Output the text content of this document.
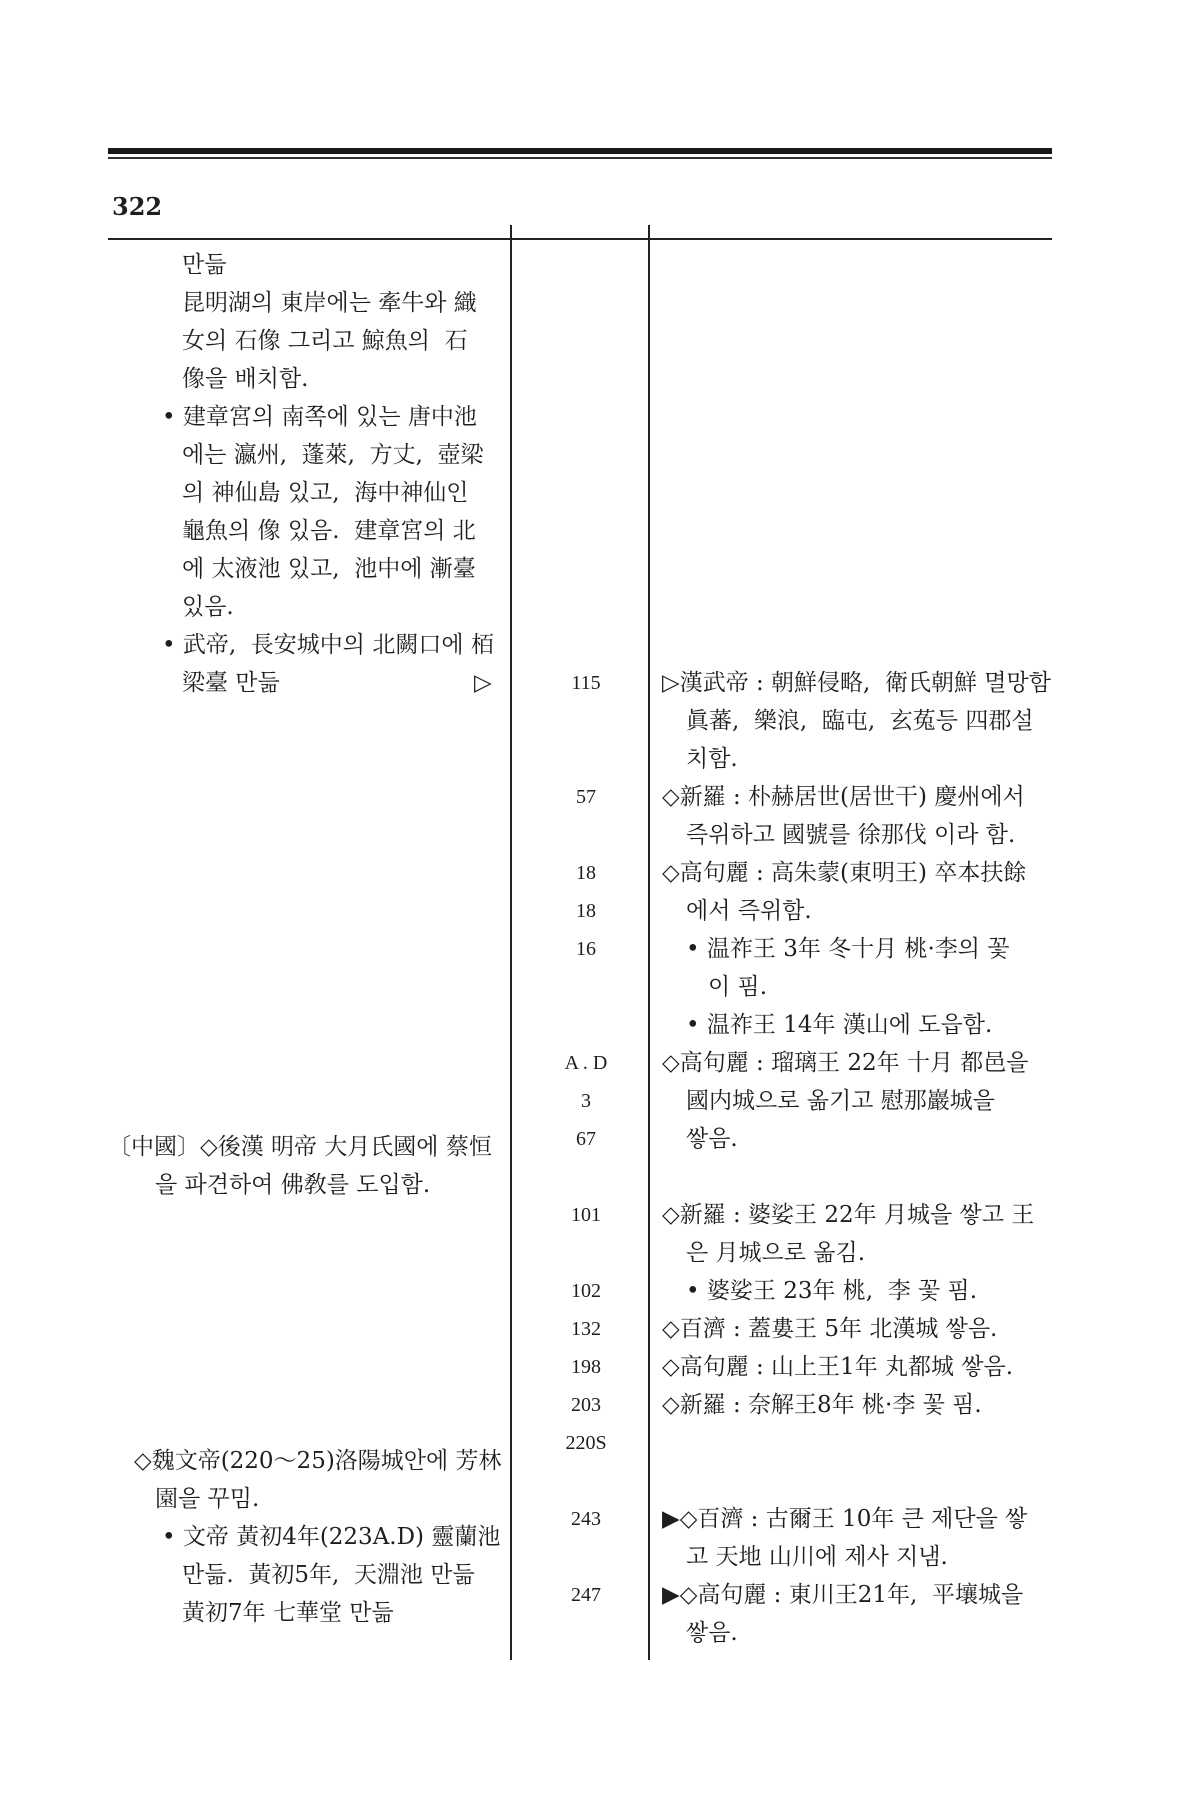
322
만듦
昆明湖의 東岸에는 牽牛와 織
女의 石像 그리고 鯨魚의  石
像을 배치함.
• 建章宮의 南쪽에 있는 唐中池
에는 瀛州,  蓬萊,  方丈,  壺梁
의 神仙島 있고,  海中神仙인
龜魚의 像 있음.  建章宮의 北
에 太液池 있고,  池中에 漸臺
있음.
• 武帝,  長安城中의 北闕口에 栢
梁臺 만듦	▷
〔中國〕◇後漢 明帝 大月氏國에 蔡恒
을 파견하여 佛敎를 도입함.
◇魏文帝(220～25)洛陽城안에 芳林
園을 꾸밈.
• 文帝 黃初4年(223A.D) 靈蘭池
만듦.  黃初5年,  天淵池 만듦
黃初7年 七華堂 만듦
115
57
18
18
16
A . D
3
67
101
102
132
198
203
220S
243
247
▷漢武帝 : 朝鮮侵略,  衛氏朝鮮 멸망함
眞蕃,  樂浪,  臨屯,  玄菟등 四郡설
치함.
◇新羅 : 朴赫居世(居世干) 慶州에서
즉위하고 國號를 徐那伐 이라 함.
◇高句麗 : 高朱蒙(東明王) 卒本扶餘
에서 즉위함.
• 温祚王 3年 冬十月 桃·李의 꽃
이 핌.
• 温祚王 14年 漢山에 도읍함.
◇高句麗 : 瑠璃王 22年 十月 都邑을
國内城으로 옮기고 慰那巖城을
쌓음.
◇新羅 : 婆娑王 22年 月城을 쌓고 王
은 月城으로 옮김.
• 婆娑王 23年 桃,  李 꽃 핌.
◇百濟 : 蓋婁王 5年 北漢城 쌓음.
◇高句麗 : 山上王1年 丸都城 쌓음.
◇新羅 : 奈解王8年 桃·李 꽃 핌.
▶◇百濟 : 古爾王 10年 큰 제단을 쌓
고 天地 山川에 제사 지냄.
▶◇高句麗 : 東川王21年,  平壤城을
쌓음.
